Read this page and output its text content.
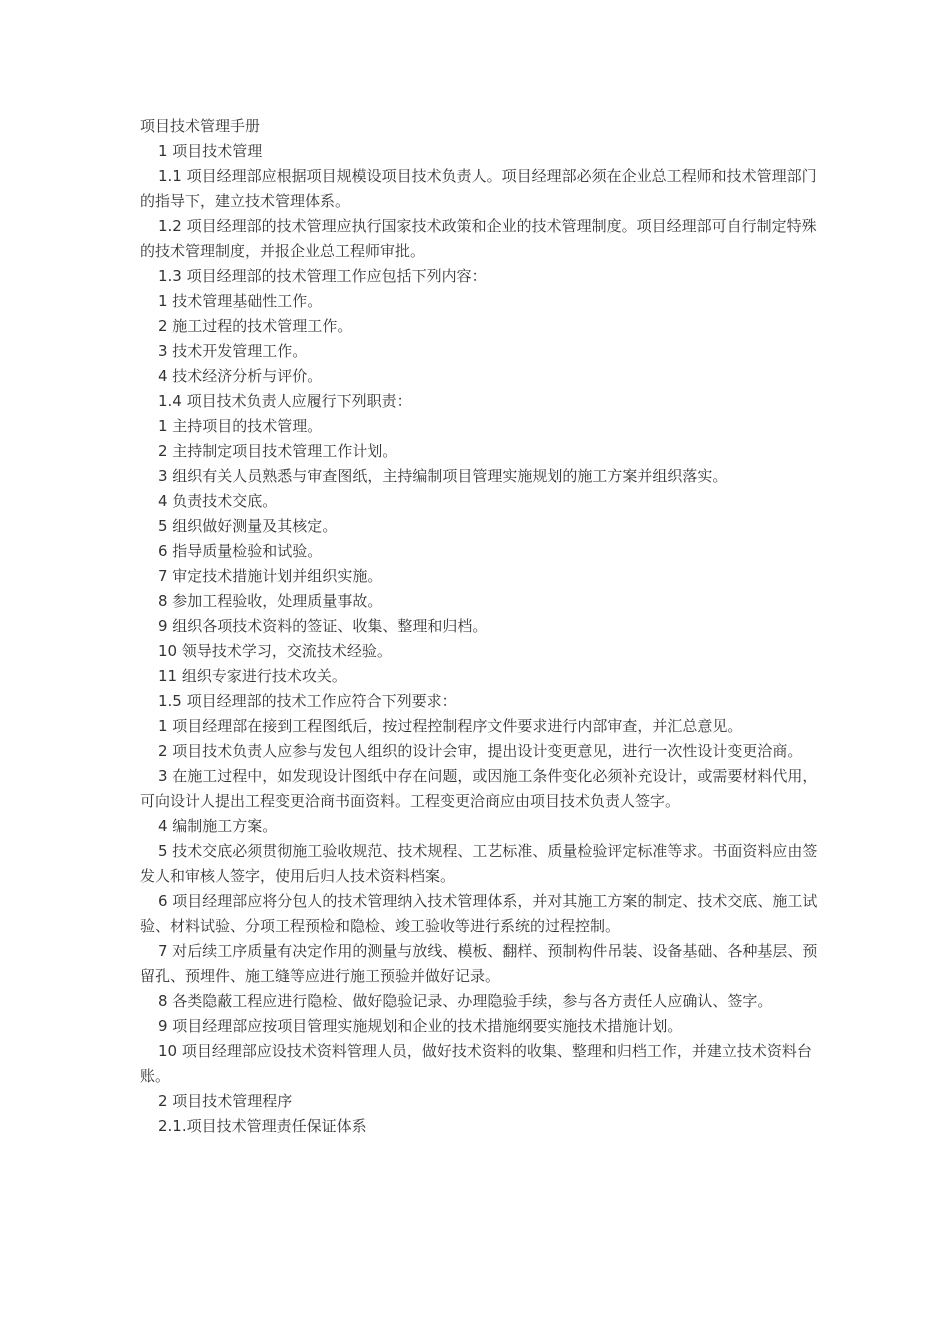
项目技术管理手册

1 项目技术管理

1.1 项目经理部应根据项目规模设项目技术负责人。项目经理部必须在企业总工程师和技术管理部门的指导下，建立技术管理体系。

1.2 项目经理部的技术管理应执行国家技术政策和企业的技术管理制度。项目经理部可自行制定特殊的技术管理制度，并报企业总工程师审批。

1.3 项目经理部的技术管理工作应包括下列内容：

1 技术管理基础性工作。

2 施工过程的技术管理工作。

3 技术开发管理工作。

4 技术经济分析与评价。

1.4 项目技术负责人应履行下列职责：

1 主持项目的技术管理。

2 主持制定项目技术管理工作计划。

3 组织有关人员熟悉与审查图纸，主持编制项目管理实施规划的施工方案并组织落实。

4 负责技术交底。

5 组织做好测量及其核定。

6 指导质量检验和试验。

7 审定技术措施计划并组织实施。

8 参加工程验收，处理质量事故。

9 组织各项技术资料的签证、收集、整理和归档。

10 领导技术学习，交流技术经验。

11 组织专家进行技术攻关。

1.5 项目经理部的技术工作应符合下列要求：

1 项目经理部在接到工程图纸后，按过程控制程序文件要求进行内部审查，并汇总意见。

2 项目技术负责人应参与发包人组织的设计会审，提出设计变更意见，进行一次性设计变更洽商。

3 在施工过程中，如发现设计图纸中存在问题，或因施工条件变化必须补充设计，或需要材料代用，可向设计人提出工程变更洽商书面资料。工程变更洽商应由项目技术负责人签字。

4 编制施工方案。

5 技术交底必须贯彻施工验收规范、技术规程、工艺标准、质量检验评定标准等求。书面资料应由签发人和审核人签字，使用后归人技术资料档案。

6 项目经理部应将分包人的技术管理纳入技术管理体系，并对其施工方案的制定、技术交底、施工试验、材料试验、分项工程预检和隐检、竣工验收等进行系统的过程控制。

7 对后续工序质量有决定作用的测量与放线、模板、翻样、预制构件吊装、设备基础、各种基层、预留孔、预埋件、施工缝等应进行施工预验并做好记录。

8 各类隐蔽工程应进行隐检、做好隐验记录、办理隐验手续，参与各方责任人应确认、签字。

9 项目经理部应按项目管理实施规划和企业的技术措施纲要实施技术措施计划。

10 项目经理部应设技术资料管理人员，做好技术资料的收集、整理和归档工作，并建立技术资料台账。

2 项目技术管理程序

2.1.项目技术管理责任保证体系
